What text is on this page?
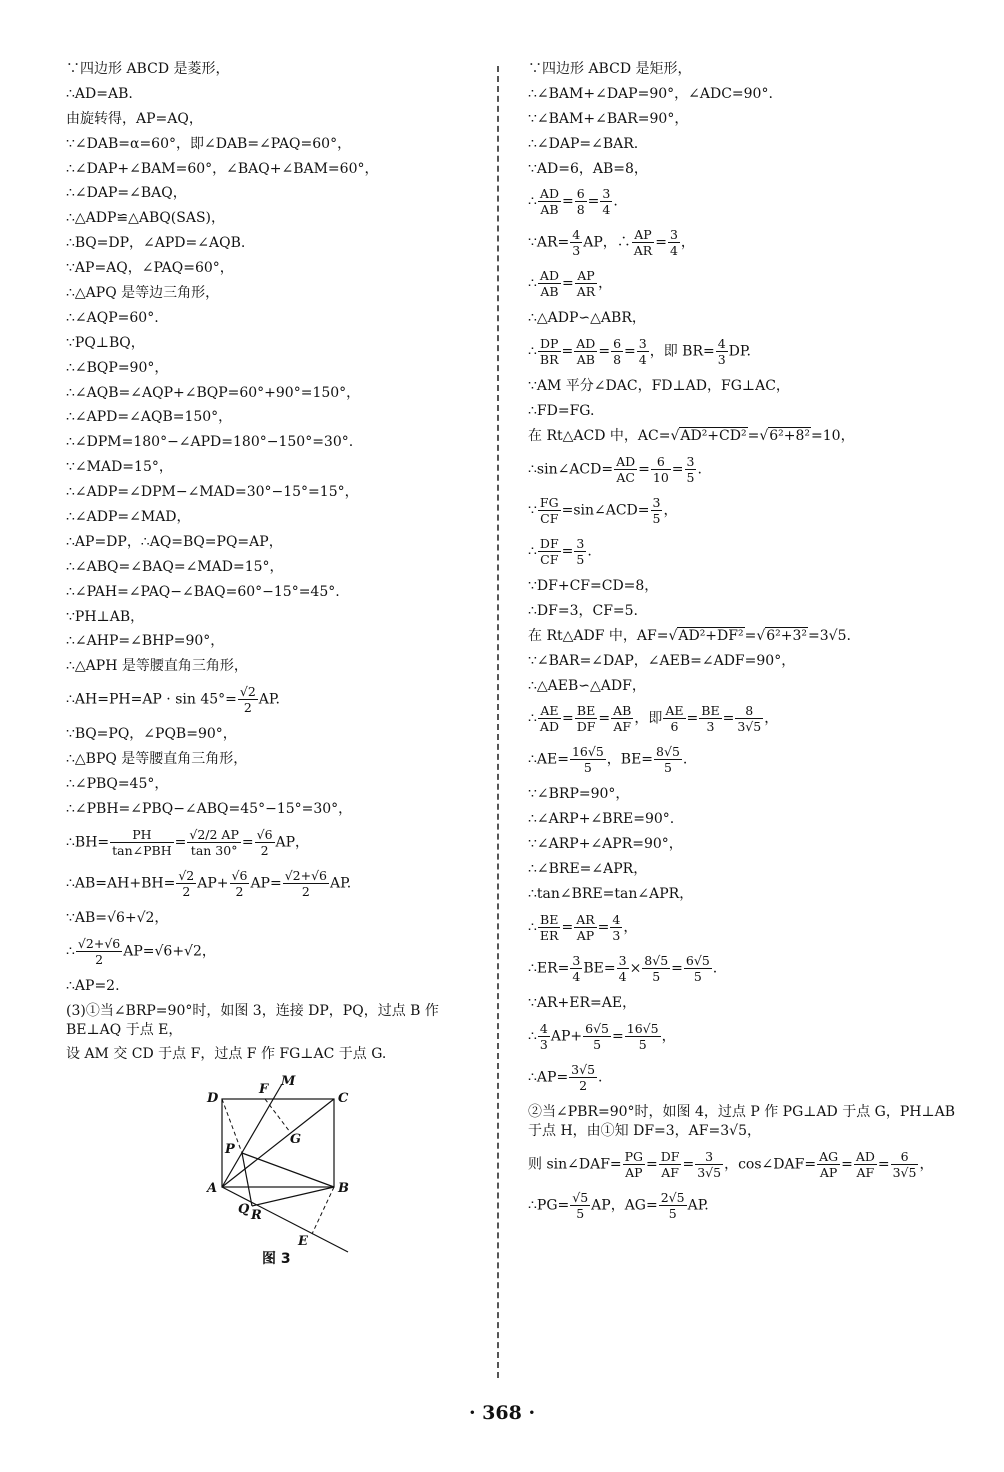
∵四边形 ABCD 是菱形，
∴AD=AB.
由旋转得，AP=AQ，
∵∠DAB=α=60°，即∠DAB=∠PAQ=60°，
∴∠DAP+∠BAM=60°，∠BAQ+∠BAM=60°，
∴∠DAP=∠BAQ，
∴△ADP≌△ABQ(SAS)，
∴BQ=DP，∠APD=∠AQB.
∵AP=AQ，∠PAQ=60°，
∴△APQ 是等边三角形，
∴∠AQP=60°.
∵PQ⊥BQ，
∴∠BQP=90°，
∴∠AQB=∠AQP+∠BQP=60°+90°=150°，
∴∠APD=∠AQB=150°，
∴∠DPM=180°−∠APD=180°−150°=30°.
∵∠MAD=15°，
∴∠ADP=∠DPM−∠MAD=30°−15°=15°，
∴∠ADP=∠MAD，
∴AP=DP，∴AQ=BQ=PQ=AP，
∴∠ABQ=∠BAQ=∠MAD=15°，
∴∠PAH=∠PAQ−∠BAQ=60°−15°=45°.
∵PH⊥AB，
∴∠AHP=∠BHP=90°，
∴△APH 是等腰直角三角形，
∴AH=PH=AP · $\sin 45^\circ= \frac{√2}{2}$ AP.
∵BQ=PQ，∠PQB=90°，
∴△BPQ 是等腰直角三角形，
∴∠PBQ=45°，
∴∠PBH=∠PBQ−∠ABQ=45°−15°=30°，
∴BH=	PH
tan∠PBH = $\frac{√2/2 AP}{\tan 30^\circ} = \frac{√6}{2}$ AP，
∴AB=AH+BH= $\frac{√2}{2} AP+ \frac{√6}{2} AP= \frac{√2+√6}{2}$ AP.
∵AB=√6+√2，
∴ $\frac{√2+√6}{2} AP=√6+√2$，
∴AP=2.
(3)①当∠BRP=90°时，如图 3，连接 DP，PQ，过点 B 作 BE⊥AQ 于点 E，
设 AM 交 CD 于点 F，过点 F 作 FG⊥AC 于点 G.
D
F
M
C
G
P
A	B
Q R
E
图 3
∵四边形 ABCD 是矩形，
∴∠BAM+∠DAP=90°，∠ADC=90°.
∵∠BAM+∠BAR=90°，
∴∠DAP=∠BAR.
∵AD=6，AB=8，
∴ $\frac{AD}{AB} = \frac{6}{8} = \frac{3}{4}$ .
∵AR= $\frac{4}{3}$ AP，∴ $\frac{AP}{AR} = \frac{3}{4}$ ，
∴ $\frac{AD}{AB} = \frac{AP}{AR}$ ，
∴△ADP∽△ABR，
∴ $\frac{DP}{BR} = \frac{AD}{AB} = \frac{6}{8} = \frac{3}{4}$ ，即 $BR= \frac{4}{3}$ DP.
∵AM 平分∠DAC，FD⊥AD，FG⊥AC，
∴FD=FG.
在 Rt△ACD 中，AC=√AD²+CD²=√6²+8²=10，
∴sin∠ACD= $\frac{AD}{AC} = \frac{6}{10} = \frac{3}{5}$ .
∵ $\frac{FG}{CF}$ =sin∠ACD= $\frac{3}{5}$ ，
∴ $\frac{DF}{CF} = \frac{3}{5}$ .
∵DF+CF=CD=8，
∴DF=3，CF=5.
在 Rt△ADF 中，AF=√AD²+DF²=√6²+3²=3√5.
∵∠BAR=∠DAP，∠AEB=∠ADF=90°，
∴△AEB∽△ADF，
∴ $\frac{AE}{AD} = \frac{BE}{DF} = \frac{AB}{AF}$ ，即 $\frac{AE}{6} = \frac{BE}{3} = \frac{8}{3√5}$ ，
∴AE= $\frac{16√5}{5}$ ，$BE= \frac{8√5}{5}$ .
∵∠BRP=90°，
∴∠ARP+∠BRE=90°.
∵∠ARP+∠APR=90°，
∴∠BRE=∠APR，
∴tan∠BRE=tan∠APR，
∴ $\frac{BE}{ER} = \frac{AR}{AP} = \frac{4}{3}$ ，
∴ER= $\frac{3}{4} BE= \frac{3}{4} \times \frac{8√5}{5} = \frac{6√5}{5}$ .
∵AR+ER=AE，
∴ $\frac{4}{3} AP+ \frac{6√5}{5} = \frac{16√5}{5}$ ，
∴AP= $\frac{3√5}{2}$ .
②当∠PBR=90°时，如图 4，过点 P 作 PG⊥AD 于点 G，PH⊥AB 于点 H，由①知 DF=3，AF=3√5，
则 sin∠DAF= $\frac{PG}{AP} = \frac{DF}{AF} = \frac{3}{3√5}$ ，cos∠DAF= $\frac{AG}{AP} = \frac{AD}{AF} = \frac{6}{3√5}$ ，
∴PG= $\frac{√5}{5}$ AP，$AG= \frac{2√5}{5}$ AP.
· 368 ·
